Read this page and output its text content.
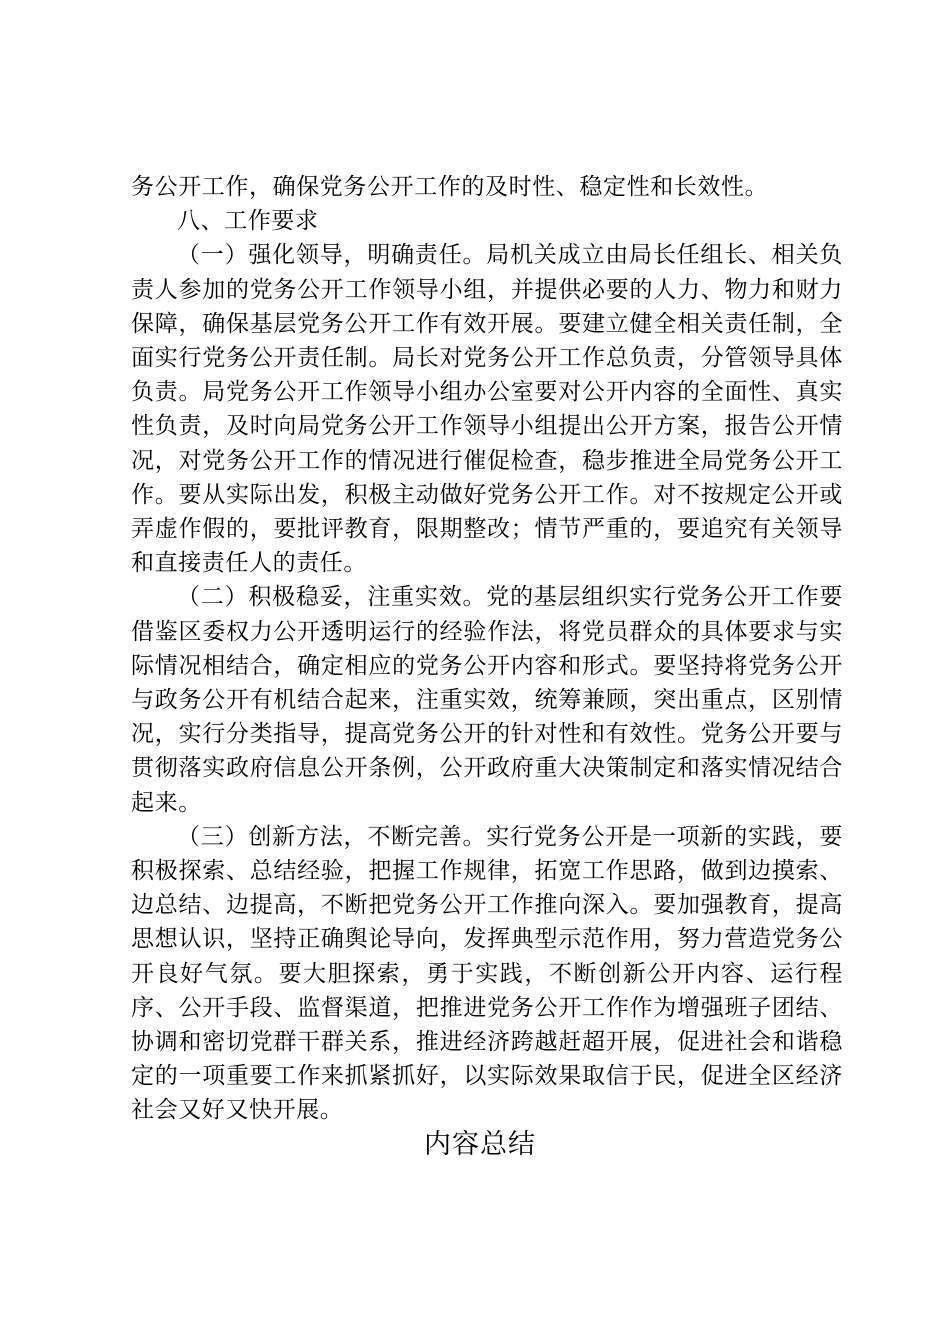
务公开工作，确保党务公开工作的及时性、稳定性和长效性。

八、工作要求

（一）强化领导，明确责任。局机关成立由局长任组长、相关负责人参加的党务公开工作领导小组，并提供必要的人力、物力和财力保障，确保基层党务公开工作有效开展。要建立健全相关责任制，全面实行党务公开责任制。局长对党务公开工作总负责，分管领导具体负责。局党务公开工作领导小组办公室要对公开内容的全面性、真实性负责，及时向局党务公开工作领导小组提出公开方案，报告公开情况，对党务公开工作的情况进行催促检查，稳步推进全局党务公开工作。要从实际出发，积极主动做好党务公开工作。对不按规定公开或弄虚作假的，要批评教育，限期整改；情节严重的，要追究有关领导和直接责任人的责任。

（二）积极稳妥，注重实效。党的基层组织实行党务公开工作要借鉴区委权力公开透明运行的经验作法，将党员群众的具体要求与实际情况相结合，确定相应的党务公开内容和形式。要坚持将党务公开与政务公开有机结合起来，注重实效，统筹兼顾，突出重点，区别情况，实行分类指导，提高党务公开的针对性和有效性。党务公开要与贯彻落实政府信息公开条例，公开政府重大决策制定和落实情况结合起来。

（三）创新方法，不断完善。实行党务公开是一项新的实践，要积极探索、总结经验，把握工作规律，拓宽工作思路，做到边摸索、边总结、边提高，不断把党务公开工作推向深入。要加强教育，提高思想认识，坚持正确舆论导向，发挥典型示范作用，努力营造党务公开良好气氛。要大胆探索，勇于实践，不断创新公开内容、运行程序、公开手段、监督渠道，把推进党务公开工作作为增强班子团结、协调和密切党群干群关系，推进经济跨越赶超开展，促进社会和谐稳定的一项重要工作来抓紧抓好，以实际效果取信于民，促进全区经济社会又好又快开展。

内容总结
